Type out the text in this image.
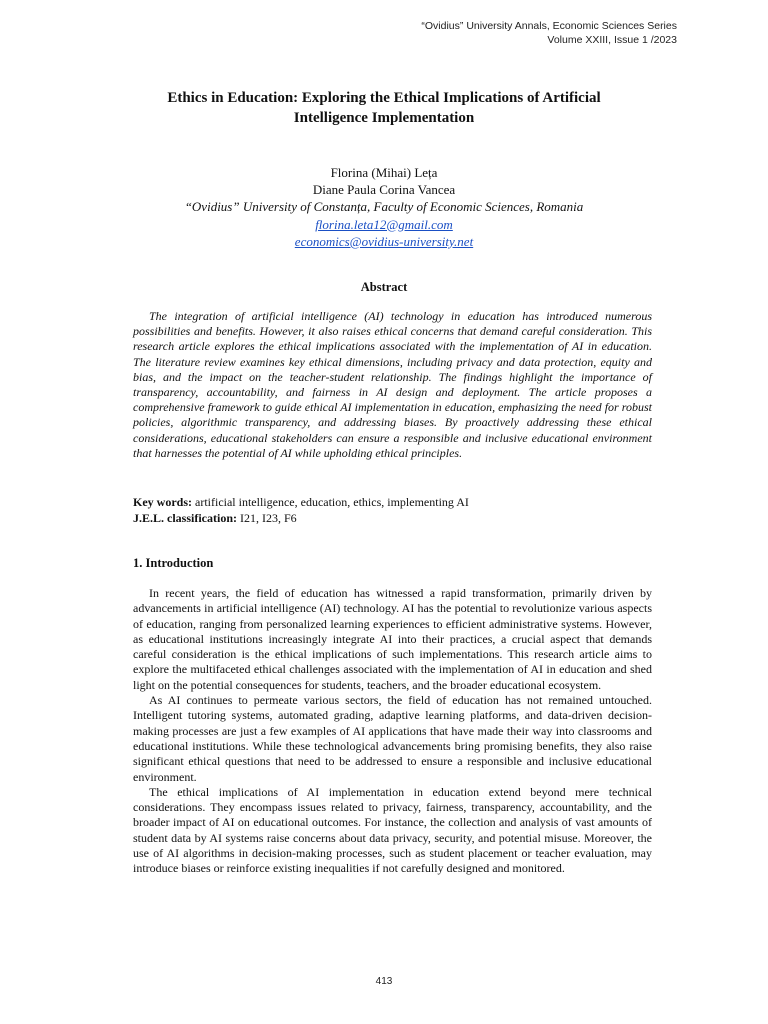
“Ovidius” University Annals, Economic Sciences Series
Volume XXIII, Issue 1 /2023
Ethics in Education: Exploring the Ethical Implications of Artificial
Intelligence Implementation
Florina (Mihai) Leța
Diane Paula Corina Vancea
“Ovidius” University of Constanța, Faculty of Economic Sciences, Romania
florina.leta12@gmail.com
economics@ovidius-university.net
Abstract

The integration of artificial intelligence (AI) technology in education has introduced numerous possibilities and benefits. However, it also raises ethical concerns that demand careful consideration. This research article explores the ethical implications associated with the implementation of AI in education. The literature review examines key ethical dimensions, including privacy and data protection, equity and bias, and the impact on the teacher-student relationship. The findings highlight the importance of transparency, accountability, and fairness in AI design and deployment. The article proposes a comprehensive framework to guide ethical AI implementation in education, emphasizing the need for robust policies, algorithmic transparency, and addressing biases. By proactively addressing these ethical considerations, educational stakeholders can ensure a responsible and inclusive educational environment that harnesses the potential of AI while upholding ethical principles.

Key words: artificial intelligence, education, ethics, implementing AI
J.E.L. classification: I21, I23, F6
1. Introduction

In recent years, the field of education has witnessed a rapid transformation, primarily driven by advancements in artificial intelligence (AI) technology. AI has the potential to revolutionize various aspects of education, ranging from personalized learning experiences to efficient administrative systems. However, as educational institutions increasingly integrate AI into their practices, a crucial aspect that demands careful consideration is the ethical implications of such implementations. This research article aims to explore the multifaceted ethical challenges associated with the implementation of AI in education and shed light on the potential consequences for students, teachers, and the broader educational ecosystem.

As AI continues to permeate various sectors, the field of education has not remained untouched. Intelligent tutoring systems, automated grading, adaptive learning platforms, and data-driven decision-making processes are just a few examples of AI applications that have made their way into classrooms and educational institutions. While these technological advancements bring promising benefits, they also raise significant ethical questions that need to be addressed to ensure a responsible and inclusive educational environment.

The ethical implications of AI implementation in education extend beyond mere technical considerations. They encompass issues related to privacy, fairness, transparency, accountability, and the broader impact of AI on educational outcomes. For instance, the collection and analysis of vast amounts of student data by AI systems raise concerns about data privacy, security, and potential misuse. Moreover, the use of AI algorithms in decision-making processes, such as student placement or teacher evaluation, may introduce biases or reinforce existing inequalities if not carefully designed and monitored.

413
